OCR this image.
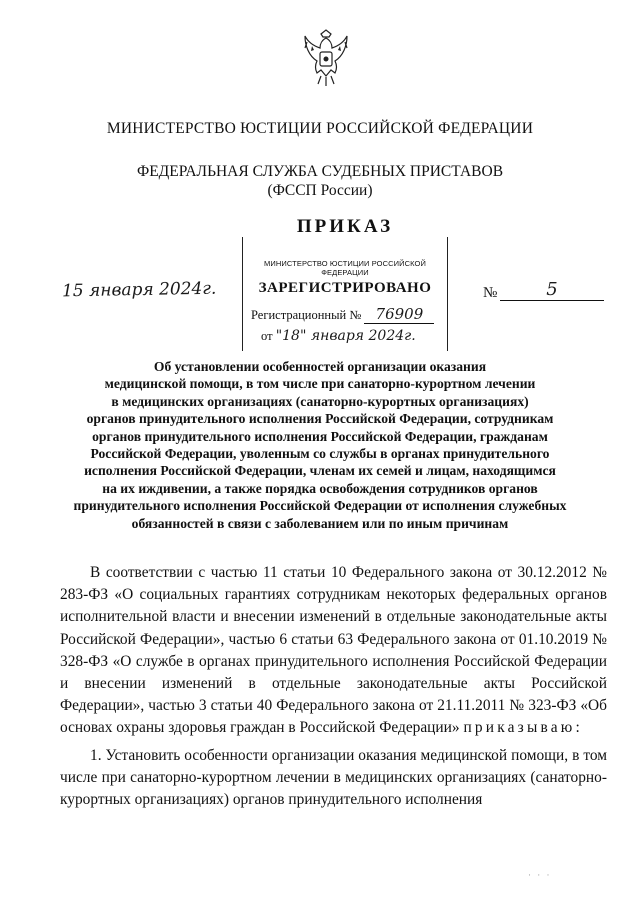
МИНИСТЕРСТВО ЮСТИЦИИ РОССИЙСКОЙ ФЕДЕРАЦИИ
ФЕДЕРАЛЬНАЯ СЛУЖБА СУДЕБНЫХ ПРИСТАВОВ
(ФССП России)
ПРИКАЗ
МИНИСТЕРСТВО ЮСТИЦИИ РОССИЙСКОЙ ФЕДЕРАЦИИ
ЗАРЕГИСТРИРОВАНО
Регистрационный № 76909
от "18" января 2024г.
15 января 2024г.	№	5
Об установлении особенностей организации оказания
медицинской помощи, в том числе при санаторно-курортном лечении
в медицинских организациях (санаторно-курортных организациях)
органов принудительного исполнения Российской Федерации, сотрудникам
органов принудительного исполнения Российской Федерации, гражданам
Российской Федерации, уволенным со службы в органах принудительного
исполнения Российской Федерации, членам их семей и лицам, находящимся
на их иждивении, а также порядка освобождения сотрудников органов
принудительного исполнения Российской Федерации от исполнения служебных
обязанностей в связи с заболеванием или по иным причинам

В соответствии с частью 11 статьи 10 Федерального закона от 30.12.2012 № 283-ФЗ «О социальных гарантиях сотрудникам некоторых федеральных органов исполнительной власти и внесении изменений в отдельные законодательные акты Российской Федерации», частью 6 статьи 63 Федерального закона от 01.10.2019 № 328-ФЗ «О службе в органах принудительного исполнения Российской Федерации и внесении изменений в отдельные законодательные акты Российской Федерации», частью 3 статьи 40 Федерального закона от 21.11.2011 № 323-ФЗ «Об основах охраны здоровья граждан в Российской Федерации» приказываю:

1. Установить особенности организации оказания медицинской помощи, в том числе при санаторно-курортном лечении в медицинских организациях (санаторно-курортных организациях) органов принудительного исполнения

· · ·
